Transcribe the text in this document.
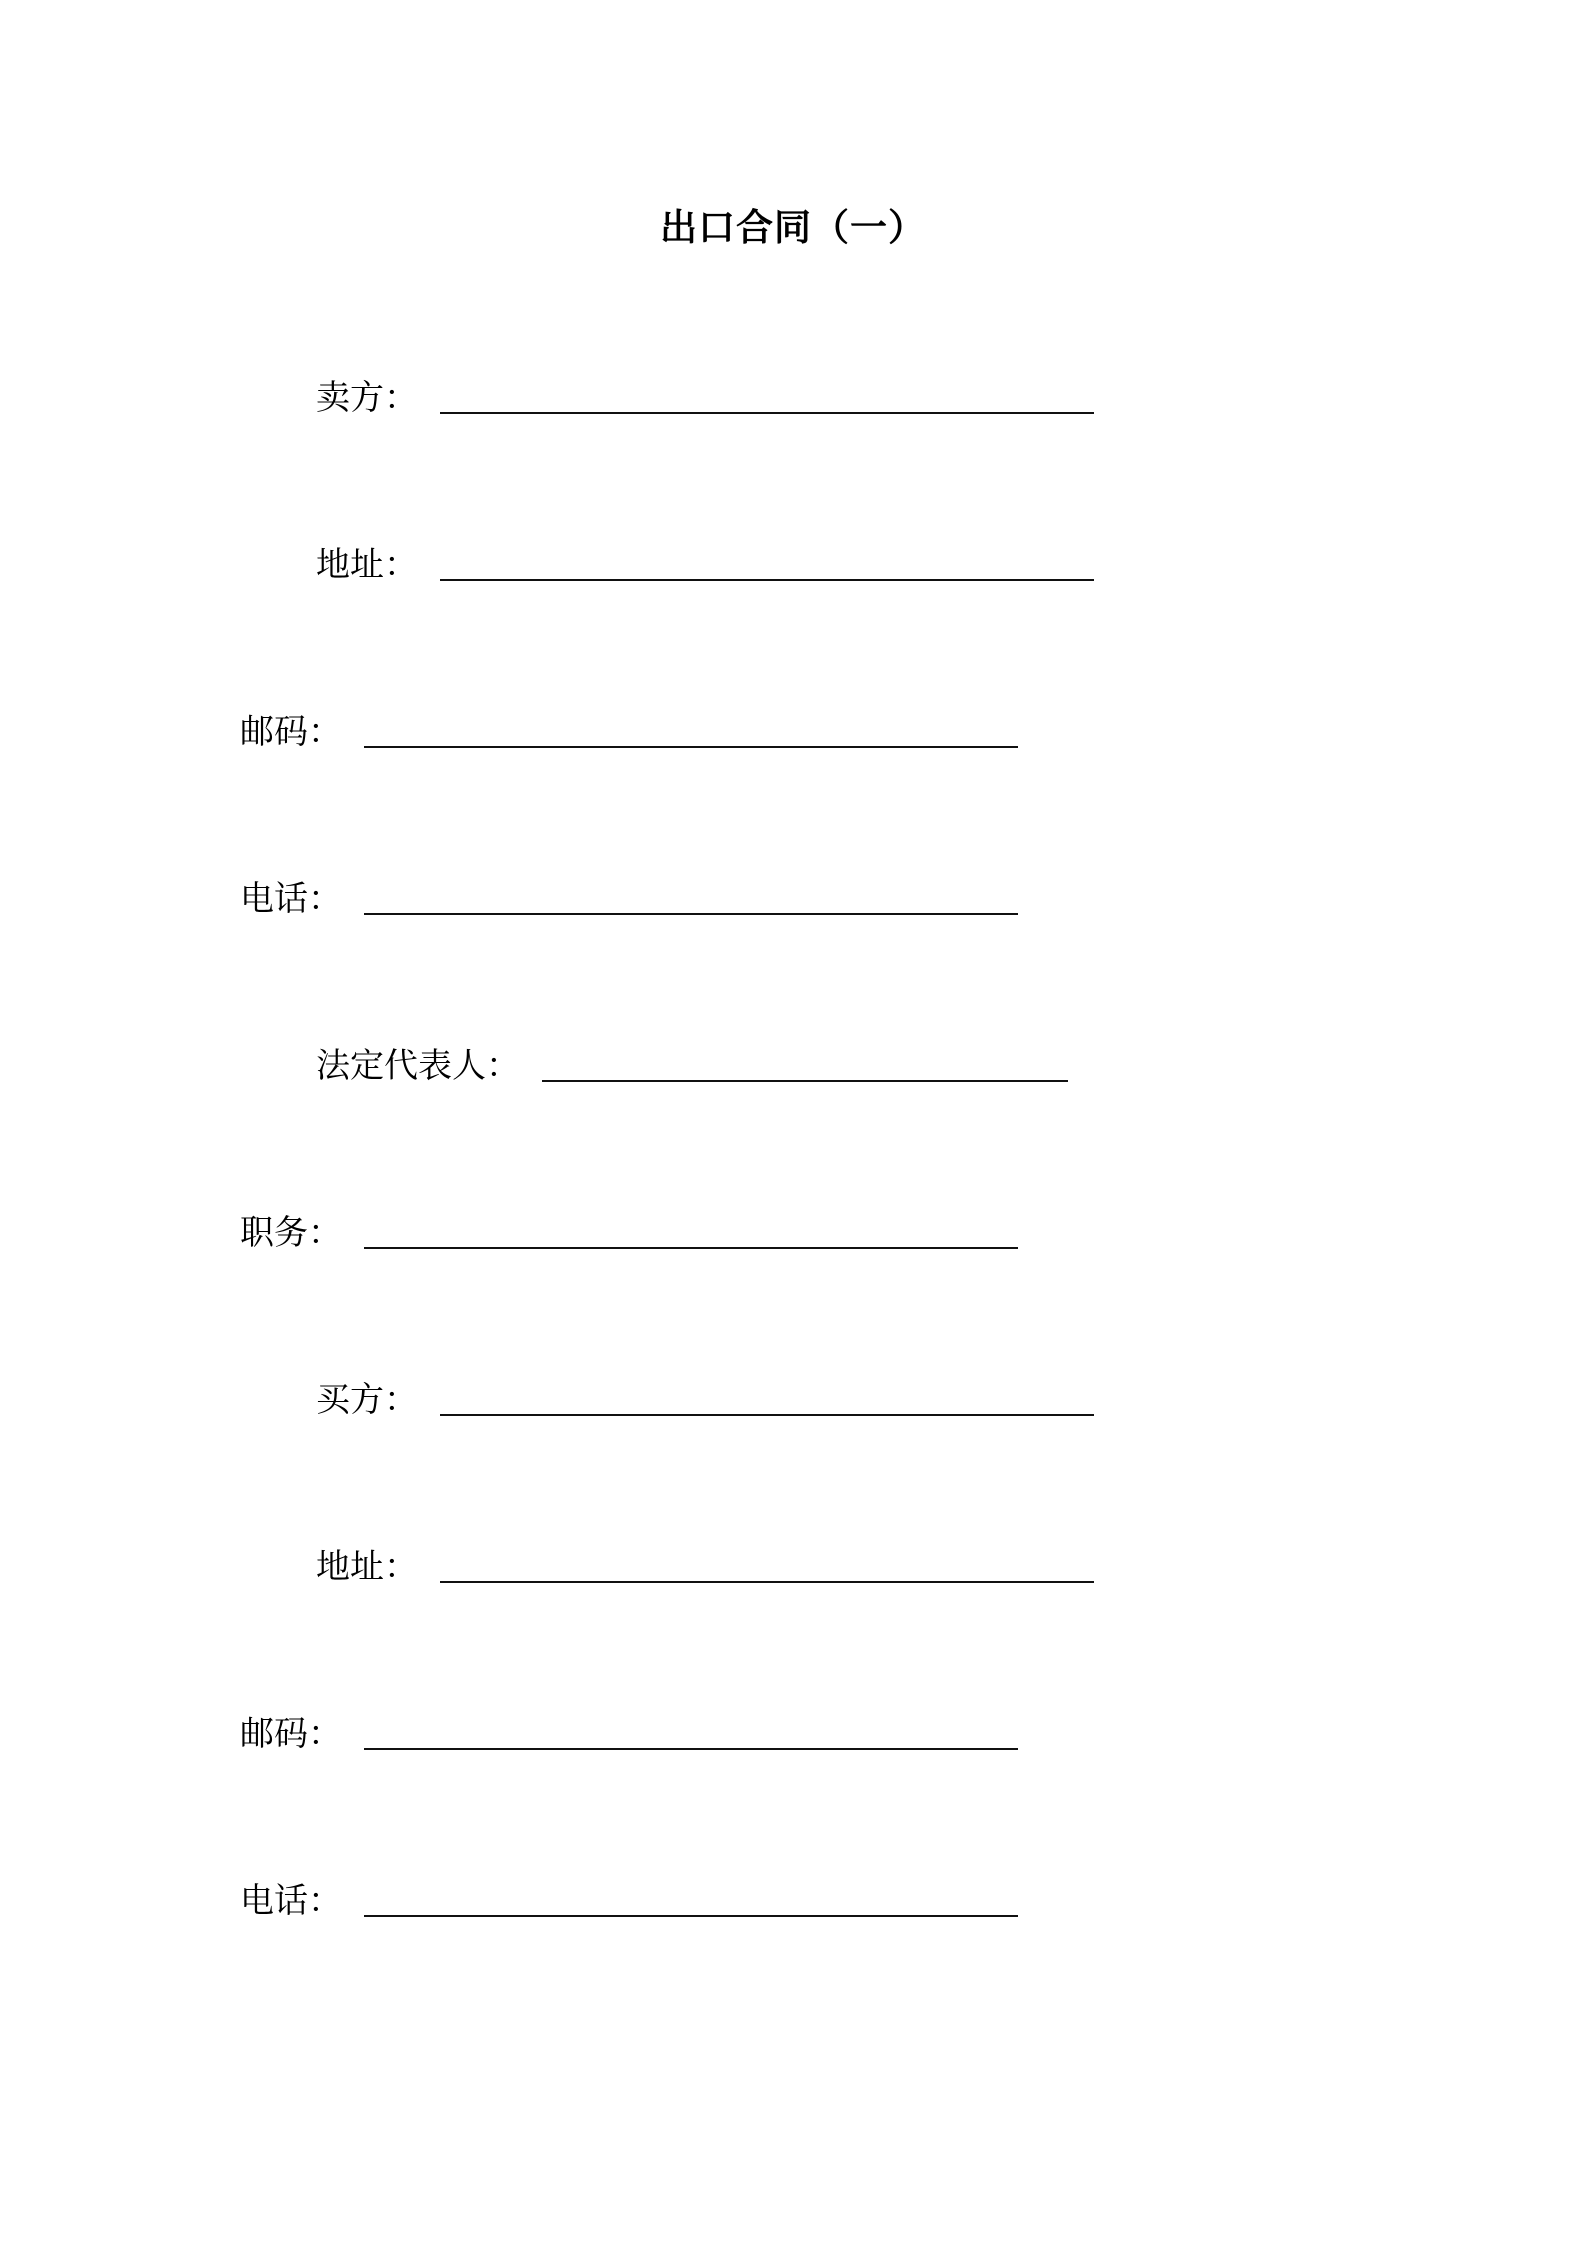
出口合同（一）
卖方：
地址：
邮码：
电话：
法定代表人：
职务：
买方：
地址：
邮码：
电话：
